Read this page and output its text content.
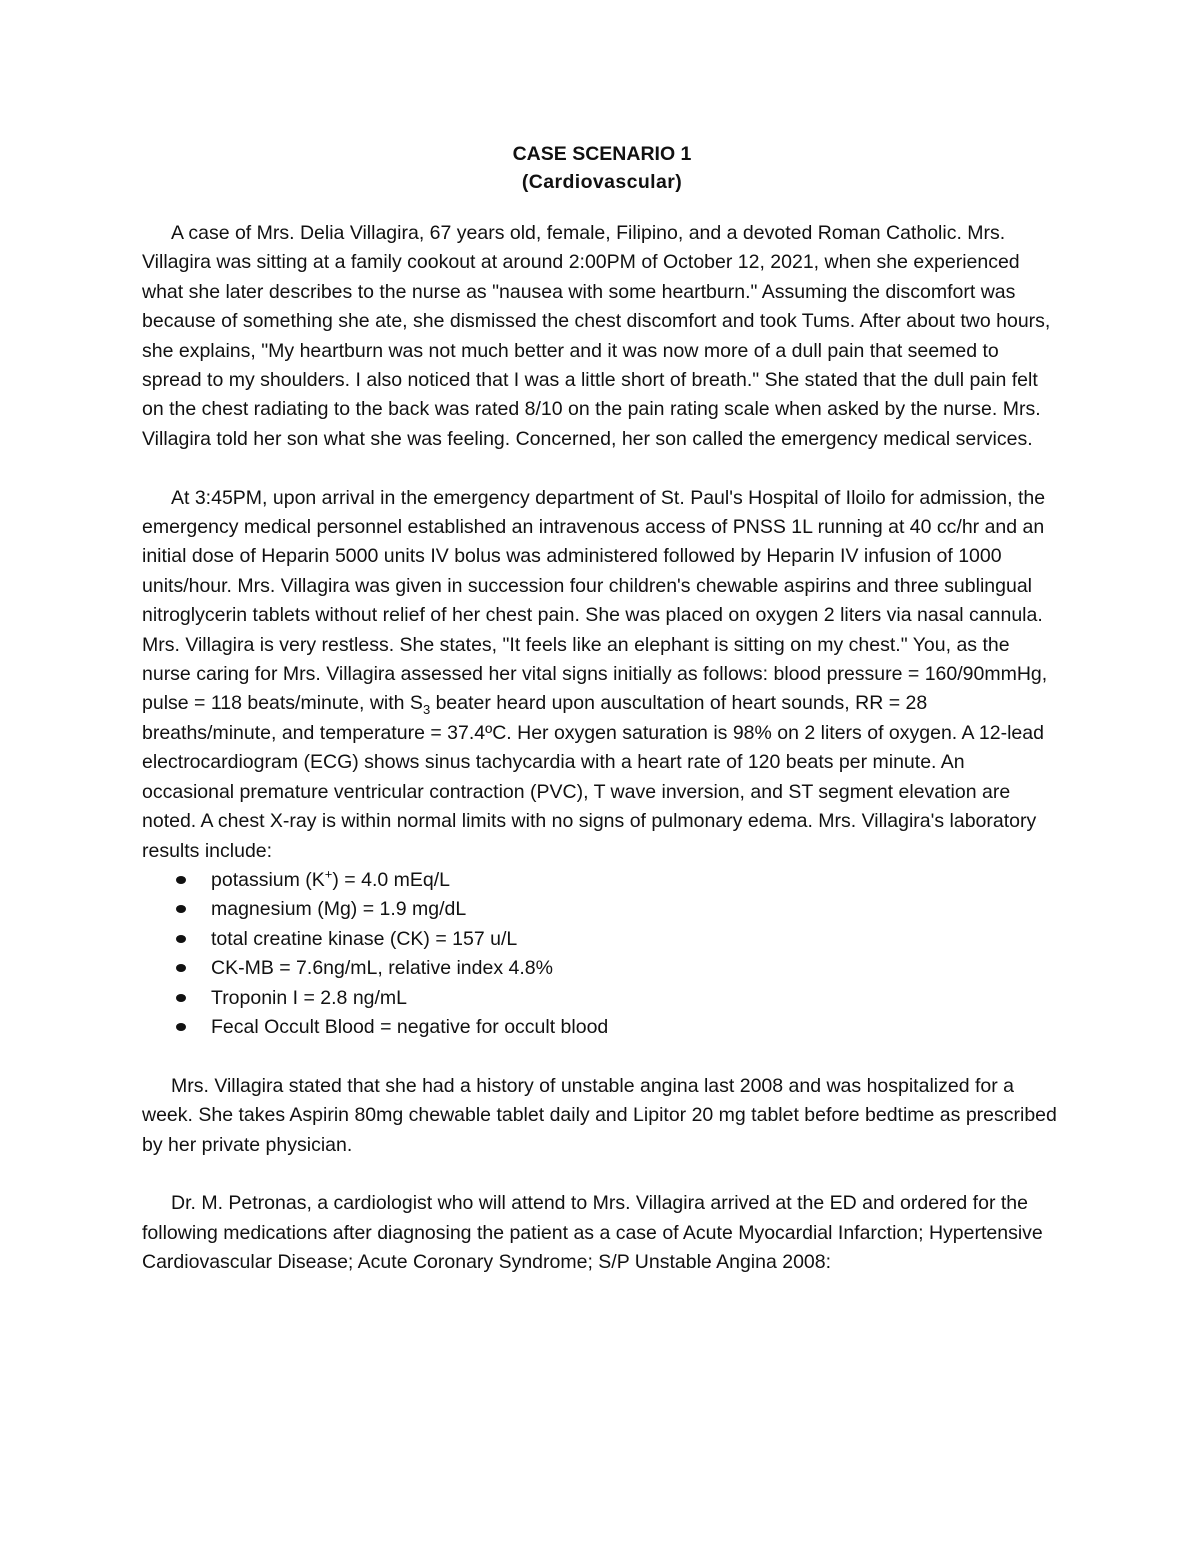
CASE SCENARIO 1
(Cardiovascular)

A case of Mrs. Delia Villagira, 67 years old, female, Filipino, and a devoted Roman Catholic. Mrs. Villagira was sitting at a family cookout at around 2:00PM of October 12, 2021, when she experienced what she later describes to the nurse as "nausea with some heartburn." Assuming the discomfort was because of something she ate, she dismissed the chest discomfort and took Tums. After about two hours, she explains, "My heartburn was not much better and it was now more of a dull pain that seemed to spread to my shoulders. I also noticed that I was a little short of breath." She stated that the dull pain felt on the chest radiating to the back was rated 8/10 on the pain rating scale when asked by the nurse. Mrs. Villagira told her son what she was feeling. Concerned, her son called the emergency medical services.

At 3:45PM, upon arrival in the emergency department of St. Paul's Hospital of Iloilo for admission, the emergency medical personnel established an intravenous access of PNSS 1L running at 40 cc/hr and an initial dose of Heparin 5000 units IV bolus was administered followed by Heparin IV infusion of 1000 units/hour. Mrs. Villagira was given in succession four children's chewable aspirins and three sublingual nitroglycerin tablets without relief of her chest pain. She was placed on oxygen 2 liters via nasal cannula. Mrs. Villagira is very restless. She states, "It feels like an elephant is sitting on my chest." You, as the nurse caring for Mrs. Villagira assessed her vital signs initially as follows: blood pressure = 160/90mmHg, pulse = 118 beats/minute, with $S_3$ beater heard upon auscultation of heart sounds, RR = 28 breaths/minute, and temperature = 37.4ºC. Her oxygen saturation is 98% on 2 liters of oxygen. A 12-lead electrocardiogram (ECG) shows sinus tachycardia with a heart rate of 120 beats per minute. An occasional premature ventricular contraction (PVC), T wave inversion, and ST segment elevation are noted. A chest X-ray is within normal limits with no signs of pulmonary edema. Mrs. Villagira's laboratory results include:

potassium (K+) = 4.0 mEq/L
magnesium (Mg) = 1.9 mg/dL
total creatine kinase (CK) = 157 u/L
CK-MB = 7.6ng/mL, relative index 4.8%
Troponin I = 2.8 ng/mL
Fecal Occult Blood = negative for occult blood

Mrs. Villagira stated that she had a history of unstable angina last 2008 and was hospitalized for a week. She takes Aspirin 80mg chewable tablet daily and Lipitor 20 mg tablet before bedtime as prescribed by her private physician.

Dr. M. Petronas, a cardiologist who will attend to Mrs. Villagira arrived at the ED and ordered for the following medications after diagnosing the patient as a case of Acute Myocardial Infarction; Hypertensive Cardiovascular Disease; Acute Coronary Syndrome; S/P Unstable Angina 2008:
